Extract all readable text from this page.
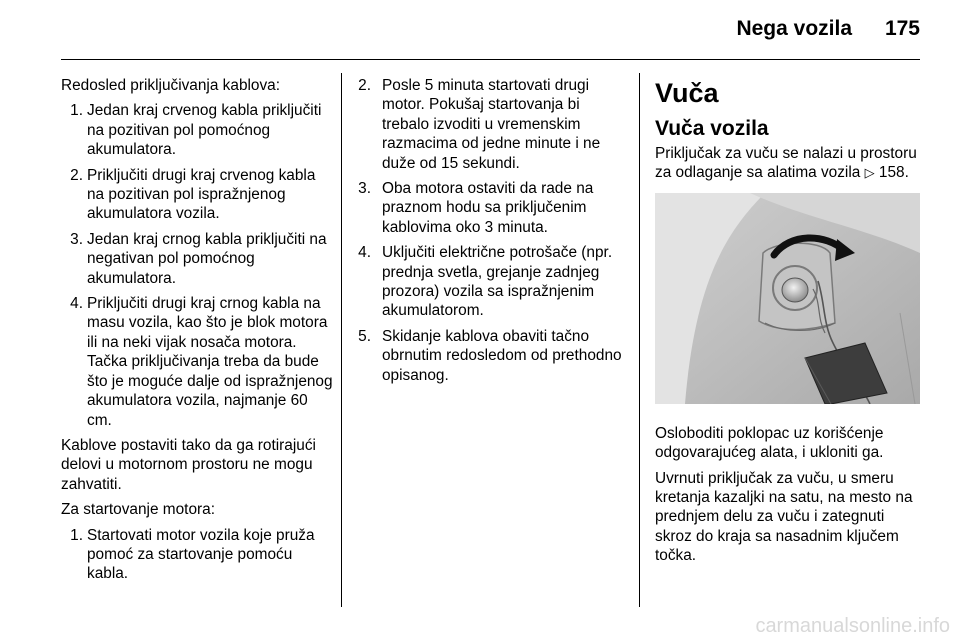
Nega vozila	175

Redosled priključivanja kablova:

1. Jedan kraj crvenog kabla priključiti na pozitivan pol pomoćnog akumulatora.
2. Priključiti drugi kraj crvenog kabla na pozitivan pol ispražnjenog akumulatora vozila.
3. Jedan kraj crnog kabla priključiti na negativan pol pomoćnog akumulatora.
4. Priključiti drugi kraj crnog kabla na masu vozila, kao što je blok motora ili na neki vijak nosača motora. Tačka priključivanja treba da bude što je moguće dalje od ispražnjenog akumulatora vozila, najmanje 60 cm.

Kablove postaviti tako da ga rotirajući delovi u motornom prostoru ne mogu zahvatiti.

Za startovanje motora:

1. Startovati motor vozila koje pruža pomoć za startovanje pomoću kabla.
2. Posle 5 minuta startovati drugi motor. Pokušaj startovanja bi trebalo izvoditi u vremenskim razmacima od jedne minute i ne duže od 15 sekundi.
3. Oba motora ostaviti da rade na praznom hodu sa priključenim kablovima oko 3 minuta.
4. Uključiti električne potrošače (npr. prednja svetla, grejanje zadnjeg prozora) vozila sa ispražnjenim akumulatorom.
5. Skidanje kablova obaviti tačno obrnutim redosledom od prethodno opisanog.
Vuča
Vuča vozila

Priključak za vuču se nalazi u prostoru za odlaganje sa alatima vozila ▷ 158.

Osloboditi poklopac uz korišćenje odgovarajućeg alata, i ukloniti ga.

Uvrnuti priključak za vuču, u smeru kretanja kazaljki na satu, na mesto na prednjem delu za vuču i zategnuti skroz do kraja sa nasadnim ključem točka.

carmanualsonline.info
